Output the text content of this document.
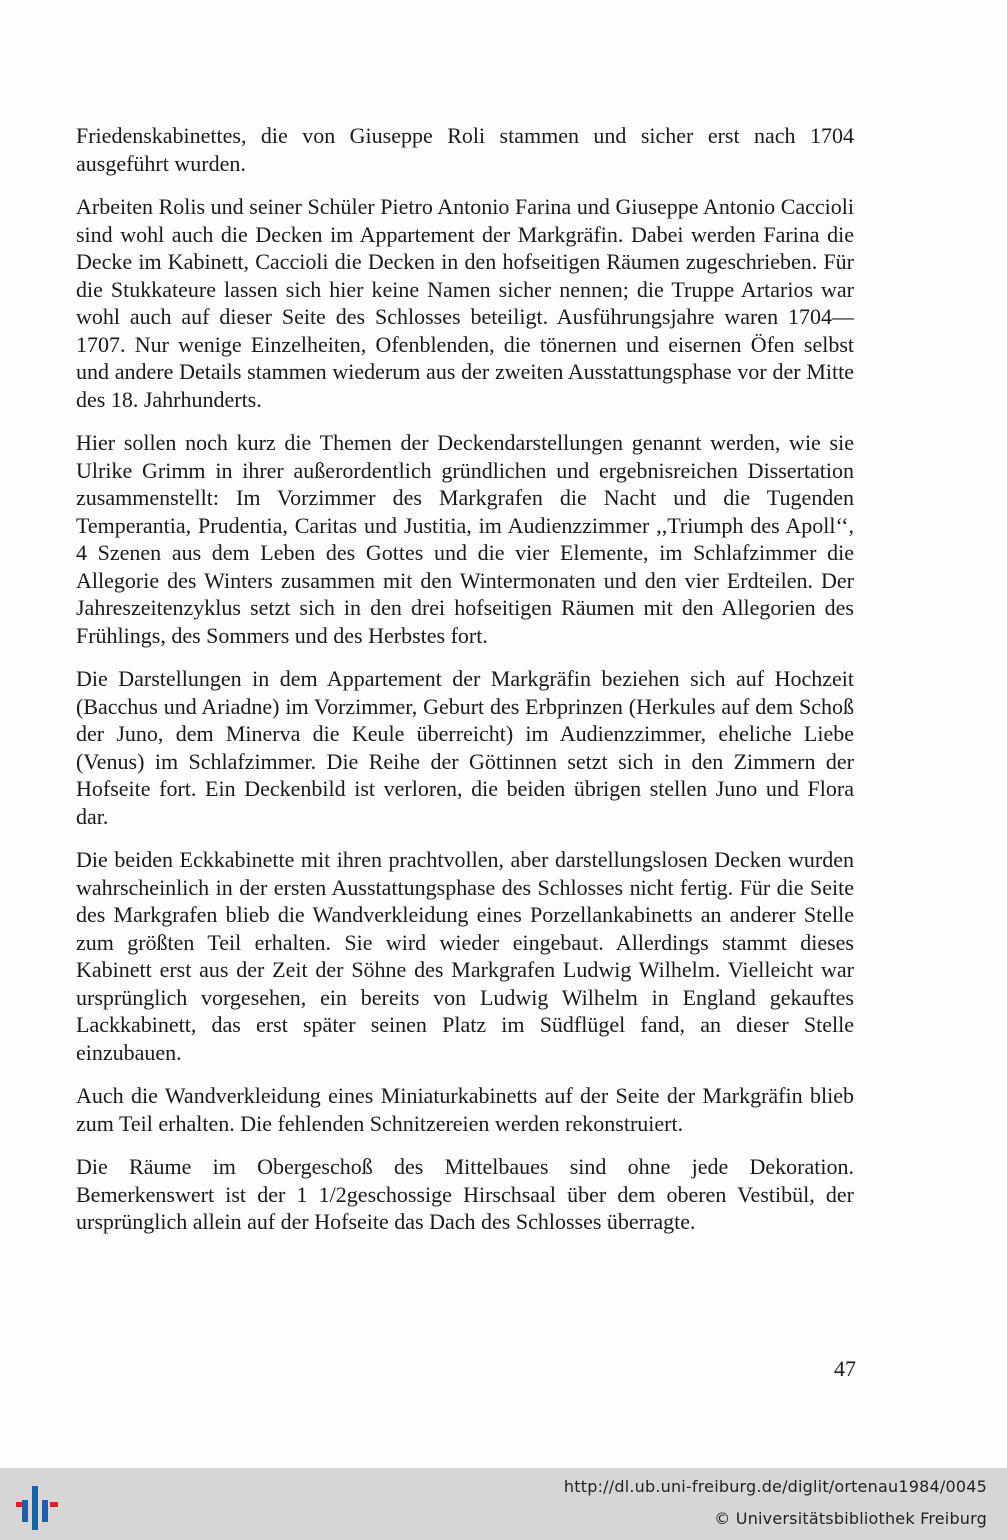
Friedenskabinettes, die von Giuseppe Roli stammen und sicher erst nach 1704 ausgeführt wurden.

Arbeiten Rolis und seiner Schüler Pietro Antonio Farina und Giuseppe Antonio Caccioli sind wohl auch die Decken im Appartement der Markgräfin. Dabei werden Farina die Decke im Kabinett, Caccioli die Decken in den hofseitigen Räumen zugeschrieben. Für die Stukkateure lassen sich hier keine Namen sicher nennen; die Truppe Artarios war wohl auch auf dieser Seite des Schlosses beteiligt. Ausführungsjahre waren 1704—1707. Nur wenige Einzelheiten, Ofenblenden, die tönernen und eisernen Öfen selbst und andere Details stammen wiederum aus der zweiten Ausstattungsphase vor der Mitte des 18. Jahrhunderts.

Hier sollen noch kurz die Themen der Deckendarstellungen genannt werden, wie sie Ulrike Grimm in ihrer außerordentlich gründlichen und ergebnisreichen Dissertation zusammenstellt: Im Vorzimmer des Markgrafen die Nacht und die Tugenden Temperantia, Prudentia, Caritas und Justitia, im Audienzzimmer ,,Triumph des Apoll‘‘, 4 Szenen aus dem Leben des Gottes und die vier Elemente, im Schlafzimmer die Allegorie des Winters zusammen mit den Wintermonaten und den vier Erdteilen. Der Jahreszeitenzyklus setzt sich in den drei hofseitigen Räumen mit den Allegorien des Frühlings, des Sommers und des Herbstes fort.

Die Darstellungen in dem Appartement der Markgräfin beziehen sich auf Hochzeit (Bacchus und Ariadne) im Vorzimmer, Geburt des Erbprinzen (Herkules auf dem Schoß der Juno, dem Minerva die Keule überreicht) im Audienzzimmer, eheliche Liebe (Venus) im Schlafzimmer. Die Reihe der Göttinnen setzt sich in den Zimmern der Hofseite fort. Ein Deckenbild ist verloren, die beiden übrigen stellen Juno und Flora dar.

Die beiden Eckkabinette mit ihren prachtvollen, aber darstellungslosen Decken wurden wahrscheinlich in der ersten Ausstattungsphase des Schlosses nicht fertig. Für die Seite des Markgrafen blieb die Wandverkleidung eines Porzellankabinetts an anderer Stelle zum größten Teil erhalten. Sie wird wieder eingebaut. Allerdings stammt dieses Kabinett erst aus der Zeit der Söhne des Markgrafen Ludwig Wilhelm. Vielleicht war ursprünglich vorgesehen, ein bereits von Ludwig Wilhelm in England gekauftes Lackkabinett, das erst später seinen Platz im Südflügel fand, an dieser Stelle einzubauen.

Auch die Wandverkleidung eines Miniaturkabinetts auf der Seite der Markgräfin blieb zum Teil erhalten. Die fehlenden Schnitzereien werden rekonstruiert.

Die Räume im Obergeschoß des Mittelbaues sind ohne jede Dekoration. Bemerkenswert ist der 1 1/2geschossige Hirschsaal über dem oberen Vestibül, der ursprünglich allein auf der Hofseite das Dach des Schlosses überragte.

47
http://dl.ub.uni-freiburg.de/diglit/ortenau1984/0045
© Universitätsbibliothek Freiburg
